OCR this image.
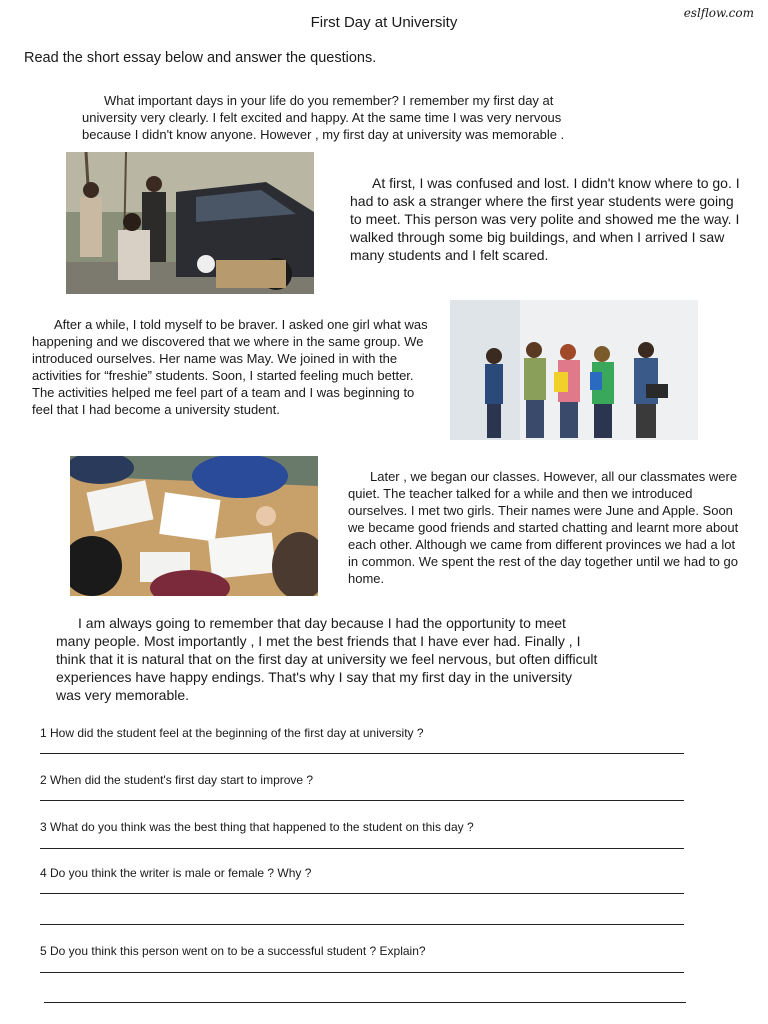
First Day at University
eslflow.com
Read the short essay below and answer the questions.

What important days in your life do you remember? I remember my first day at university very clearly. I felt excited and happy. At the same time I was very nervous because I didn't know anyone. However , my first day at university was memorable .

At first, I was confused and lost. I didn't know where to go. I had to ask a stranger where the first year students were going to meet. This person was very polite and showed me the way. I walked through some big buildings, and when I arrived I saw many students and I felt scared.

After a while, I told myself to be braver. I asked one girl what was happening and we discovered that we where in the same group. We introduced ourselves. Her name was May. We joined in with the activities for “freshie” students. Soon, I started feeling much better. The activities helped me feel part of a team and I was beginning to feel that I had become a university student.

Later , we began our classes. However, all our classmates were quiet. The teacher talked for a while and then we introduced ourselves. I met two girls. Their names were June and Apple. Soon we became good friends and started chatting and learnt more about each other. Although we came from different provinces we had a lot in common. We spent the rest of the day together until we had to go home.

I am always going to remember that day because I had the opportunity to meet many people. Most importantly , I met the best friends that I have ever had. Finally , I think that it is natural that on the first day at university we feel nervous, but often difficult experiences have happy endings. That's why I say that my first day in the university was very memorable.

1 How did the student feel at the beginning of the first day at university ?
2 When did the student's first day start to improve ?
3 What do you think was the best thing that happened to the student on this day ?
4 Do you think the writer is male or female ? Why ?
5 Do you think this person went on to be a successful student ? Explain?
